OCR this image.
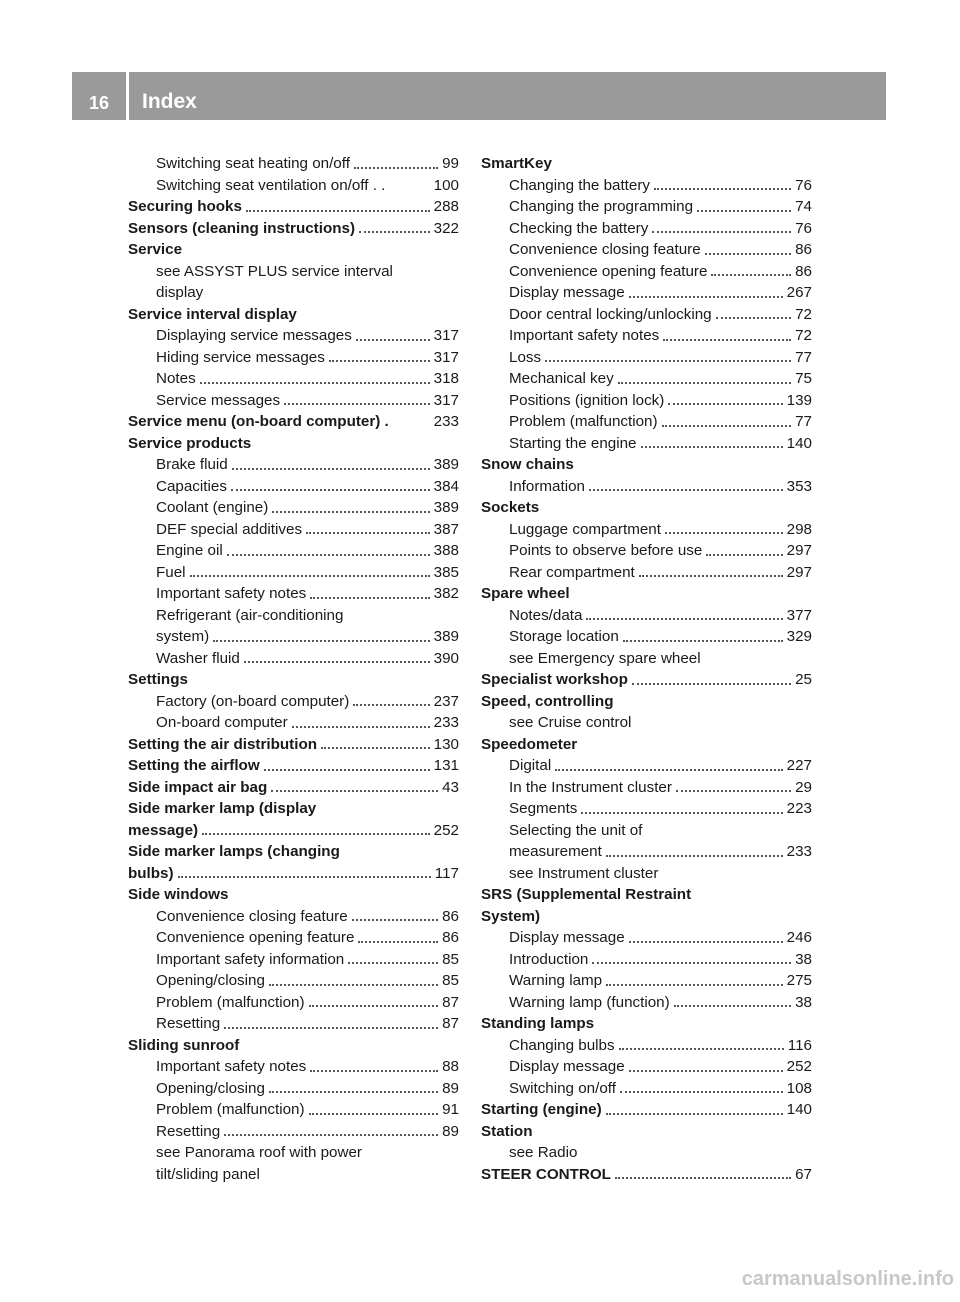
16	Index
Switching seat heating on/off	99
Switching seat ventilation on/off . .	100
Securing hooks	288
Sensors (cleaning instructions)	322
Service
see ASSYST PLUS service interval
display
Service interval display
Displaying service messages	317
Hiding service messages	317
Notes	318
Service messages	317
Service menu (on-board computer) .	233
Service products
Brake fluid	389
Capacities	384
Coolant (engine)	389
DEF special additives	387
Engine oil	388
Fuel	385
Important safety notes	382
Refrigerant (air-conditioning
system)	389
Washer fluid	390
Settings
Factory (on-board computer)	237
On-board computer	233
Setting the air distribution	130
Setting the airflow	131
Side impact air bag	43
Side marker lamp (display
message)	252
Side marker lamps (changing
bulbs)	117
Side windows
Convenience closing feature	86
Convenience opening feature	86
Important safety information	85
Opening/closing	85
Problem (malfunction)	87
Resetting	87
Sliding sunroof
Important safety notes	88
Opening/closing	89
Problem (malfunction)	91
Resetting	89
see Panorama roof with power
tilt/sliding panel
SmartKey
Changing the battery	76
Changing the programming	74
Checking the battery	76
Convenience closing feature	86
Convenience opening feature	86
Display message	267
Door central locking/unlocking	72
Important safety notes	72
Loss	77
Mechanical key	75
Positions (ignition lock)	139
Problem (malfunction)	77
Starting the engine	140
Snow chains
Information	353
Sockets
Luggage compartment	298
Points to observe before use	297
Rear compartment	297
Spare wheel
Notes/data	377
Storage location	329
see Emergency spare wheel
Specialist workshop	25
Speed, controlling
see Cruise control
Speedometer
Digital	227
In the Instrument cluster	29
Segments	223
Selecting the unit of
measurement	233
see Instrument cluster
SRS (Supplemental Restraint
System)
Display message	246
Introduction	38
Warning lamp	275
Warning lamp (function)	38
Standing lamps
Changing bulbs	116
Display message	252
Switching on/off	108
Starting (engine)	140
Station
see Radio
STEER CONTROL	67
carmanualsonline.info
